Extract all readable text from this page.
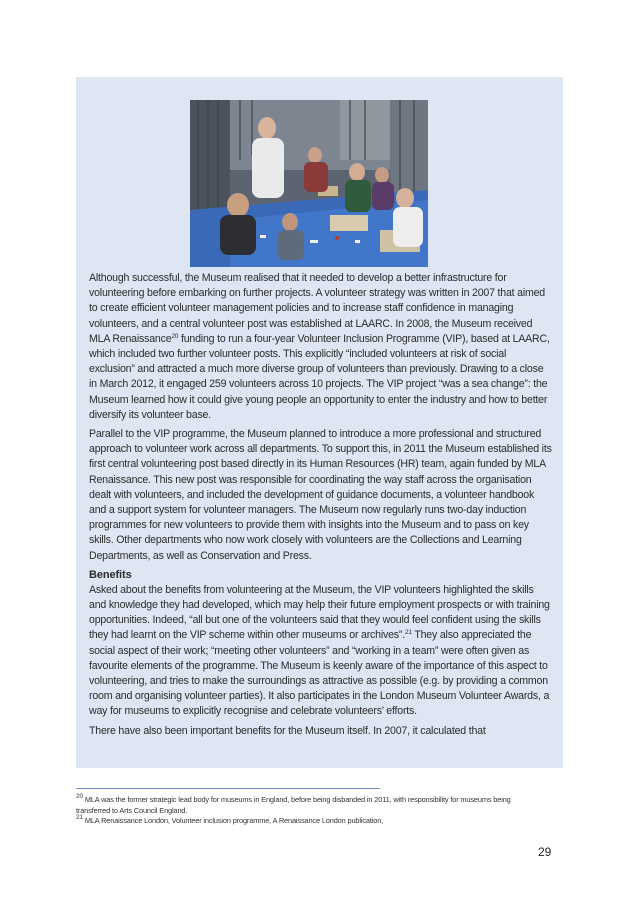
Although successful, the Museum realised that it needed to develop a better infrastructure for volunteering before embarking on further projects. A volunteer strategy was written in 2007 that aimed to create efficient volunteer management policies and to increase staff confidence in managing volunteers, and a central volunteer post was established at LAARC. In 2008, the Museum received MLA Renaissance$^{20}$ funding to run a four-year Volunteer Inclusion Programme (VIP), based at LAARC, which included two further volunteer posts. This explicitly “included volunteers at risk of social exclusion” and attracted a much more diverse group of volunteers than previously. Drawing to a close in March 2012, it engaged 259 volunteers across 10 projects. The VIP project “was a sea change”: the Museum learned how it could give young people an opportunity to enter the industry and how to better diversify its volunteer base.

Parallel to the VIP programme, the Museum planned to introduce a more professional and structured approach to volunteer work across all departments. To support this, in 2011 the Museum established its first central volunteering post based directly in its Human Resources (HR) team, again funded by MLA Renaissance. This new post was responsible for coordinating the way staff across the organisation dealt with volunteers, and included the development of guidance documents, a volunteer handbook and a support system for volunteer managers. The Museum now regularly runs two-day induction programmes for new volunteers to provide them with insights into the Museum and to pass on key skills. Other departments who now work closely with volunteers are the Collections and Learning Departments, as well as Conservation and Press.

Benefits

Asked about the benefits from volunteering at the Museum, the VIP volunteers highlighted the skills and knowledge they had developed, which may help their future employment prospects or with training opportunities. Indeed, “all but one of the volunteers said that they would feel confident using the skills they had learnt on the VIP scheme within other museums or archives”.$^{21}$ They also appreciated the social aspect of their work; “meeting other volunteers” and “working in a team” were often given as favourite elements of the programme. The Museum is keenly aware of the importance of this aspect to volunteering, and tries to make the surroundings as attractive as possible (e.g. by providing a common room and organising volunteer parties). It also participates in the London Museum Volunteer Awards, a way for museums to explicitly recognise and celebrate volunteers’ efforts.

There have also been important benefits for the Museum itself. In 2007, it calculated that

$^{20}$ MLA was the former strategic lead body for museums in England, before being disbanded in 2011, with responsibility for museums being transferred to Arts Council England.

$^{21}$ MLA Renaissance London, Volunteer inclusion programme, A Renaissance London publication,

29
